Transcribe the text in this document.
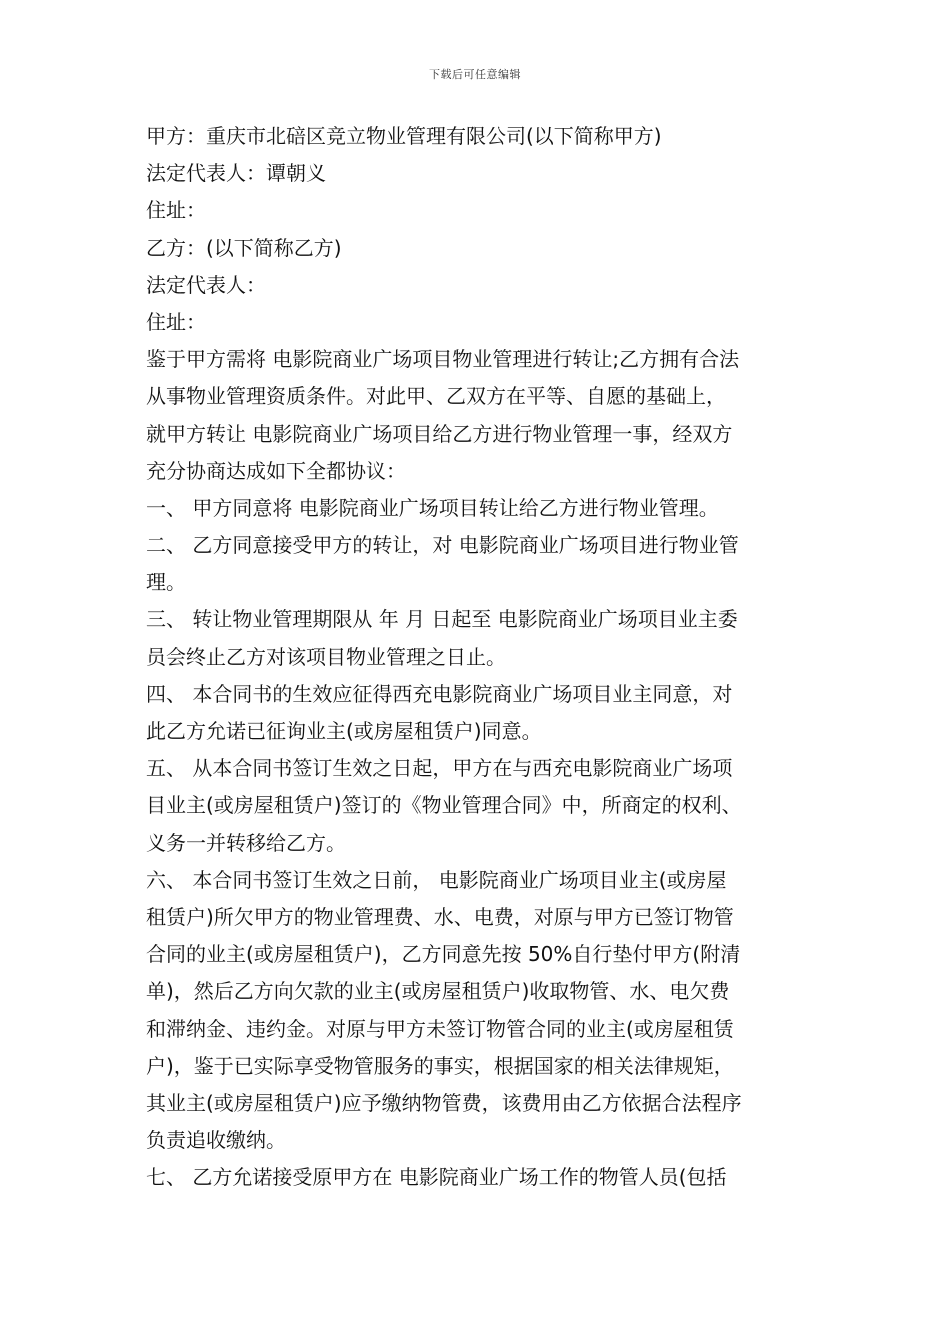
下载后可任意编辑
甲方：重庆市北碚区竞立物业管理有限公司(以下简称甲方)
法定代表人：谭朝义
住址：
乙方：(以下简称乙方)
法定代表人：
住址：
鉴于甲方需将 电影院商业广场项目物业管理进行转让;乙方拥有合法
从事物业管理资质条件。对此甲、乙双方在平等、自愿的基础上，
就甲方转让 电影院商业广场项目给乙方进行物业管理一事，经双方
充分协商达成如下全都协议：
一、 甲方同意将 电影院商业广场项目转让给乙方进行物业管理。
二、 乙方同意接受甲方的转让，对 电影院商业广场项目进行物业管
理。
三、 转让物业管理期限从 年 月 日起至 电影院商业广场项目业主委
员会终止乙方对该项目物业管理之日止。
四、 本合同书的生效应征得西充电影院商业广场项目业主同意，对
此乙方允诺已征询业主(或房屋租赁户)同意。
五、 从本合同书签订生效之日起，甲方在与西充电影院商业广场项
目业主(或房屋租赁户)签订的《物业管理合同》中，所商定的权利、
义务一并转移给乙方。
六、 本合同书签订生效之日前， 电影院商业广场项目业主(或房屋
租赁户)所欠甲方的物业管理费、水、电费，对原与甲方已签订物管
合同的业主(或房屋租赁户)，乙方同意先按 50%自行垫付甲方(附清
单)，然后乙方向欠款的业主(或房屋租赁户)收取物管、水、电欠费
和滞纳金、违约金。对原与甲方未签订物管合同的业主(或房屋租赁
户)，鉴于已实际享受物管服务的事实，根据国家的相关法律规矩，
其业主(或房屋租赁户)应予缴纳物管费，该费用由乙方依据合法程序
负责追收缴纳。
七、 乙方允诺接受原甲方在 电影院商业广场工作的物管人员(包括
